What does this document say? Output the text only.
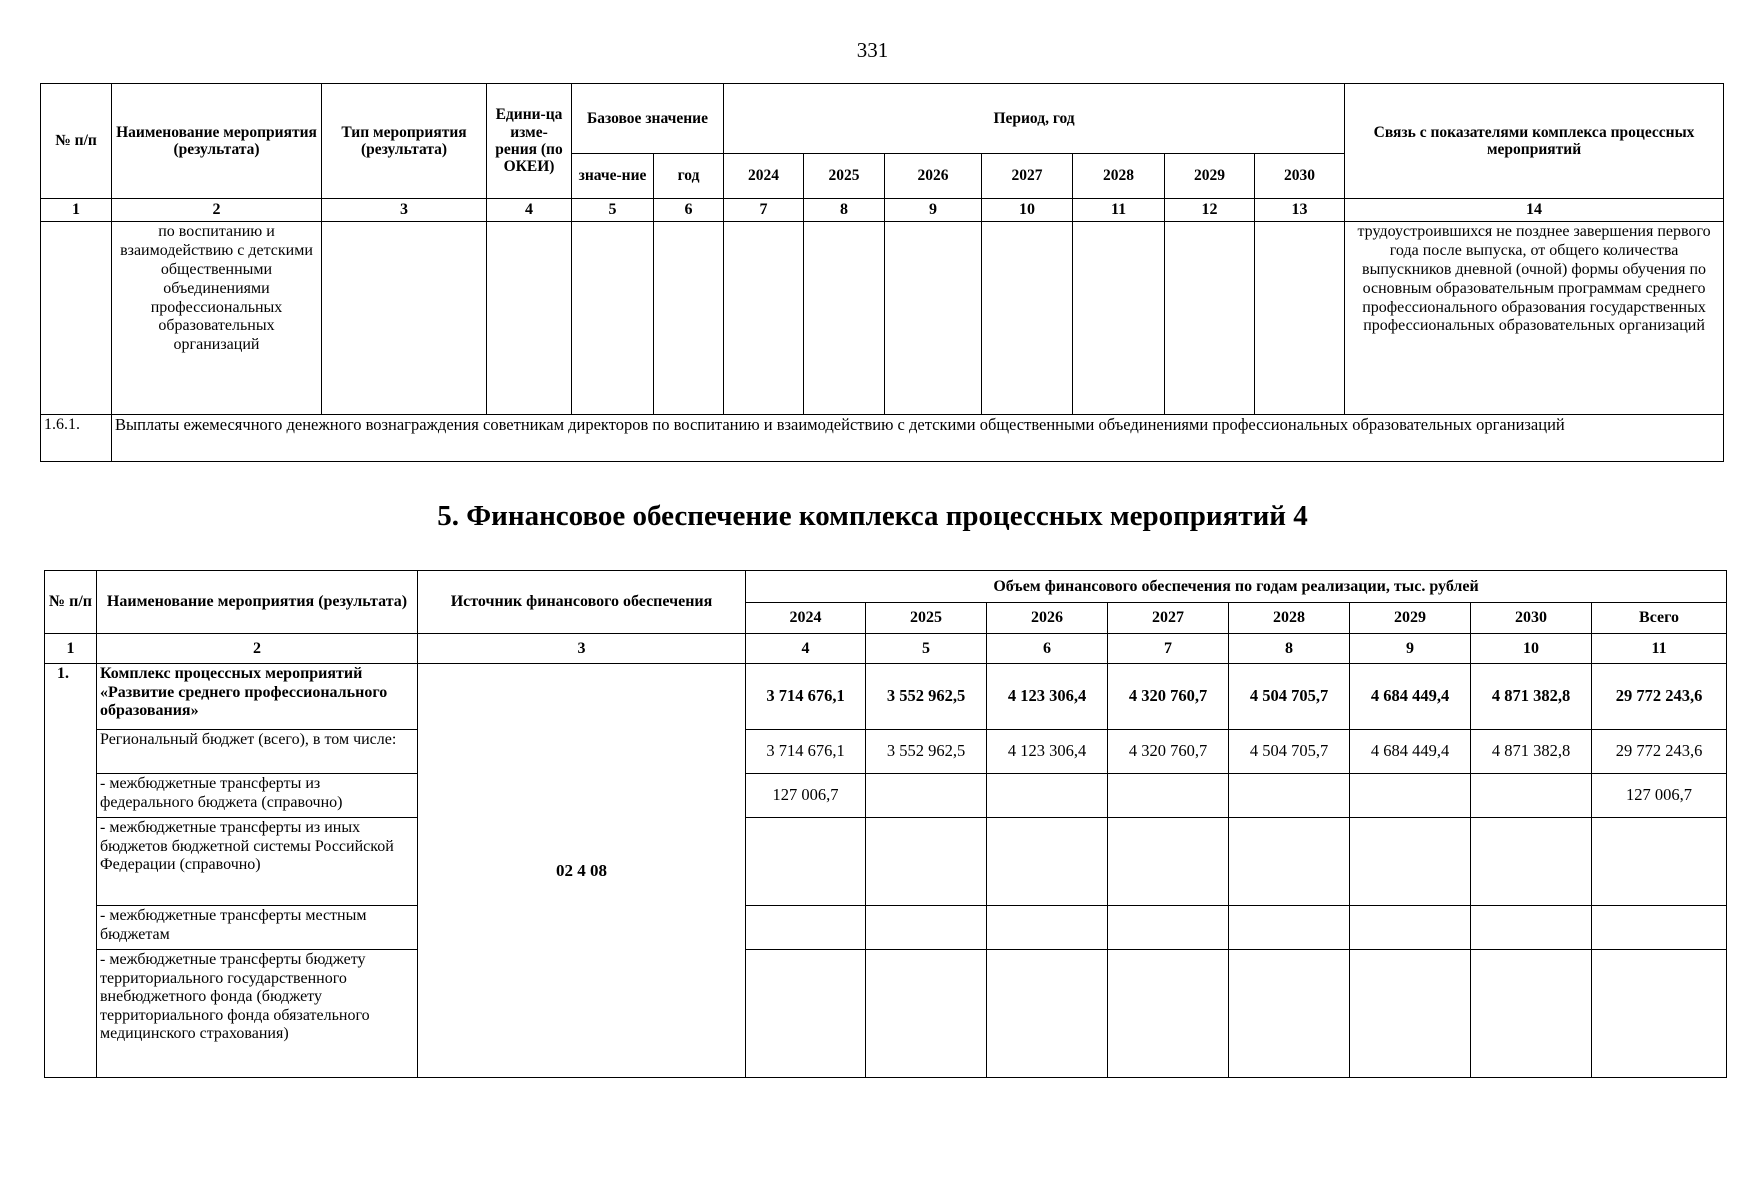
331
№ п/п	Наименование мероприятия (результата)	Тип мероприятия (результата)	Едини-ца изме-рения (по ОКЕИ)	Базовое значение		Период, год							Связь с показателями комплекса процессных мероприятий
				значе-ние	год	2024	2025	2026	2027	2028	2029	2030	
1	2	3	4	5	6	7	8	9	10	11	12	13	14
	по воспитанию и взаимодействию с детскими общественными объединениями профессиональных образовательных организаций												трудоустроившихся не позднее завершения первого года после выпуска, от общего количества выпускников дневной (очной) формы обучения по основным образовательным программам среднего профессионального образования государственных профессиональных образовательных организаций
1.6.1.	Выплаты ежемесячного денежного вознаграждения советникам директоров по воспитанию и взаимодействию с детскими общественными объединениями профессиональных образовательных организаций												
5. Финансовое обеспечение комплекса процессных мероприятий 4
№ п/п	Наименование мероприятия (результата)	Источник финансового обеспечения	Объем финансового обеспечения по годам реализации, тыс. рублей							
			2024	2025	2026	2027	2028	2029	2030	Всего
1	2	3	4	5	6	7	8	9	10	11
1.	Комплекс процессных мероприятий «Развитие среднего профессионального образования»	02 4 08	3 714 676,1	3 552 962,5	4 123 306,4	4 320 760,7	4 504 705,7	4 684 449,4	4 871 382,8	29 772 243,6
	Региональный бюджет (всего), в том числе:		3 714 676,1	3 552 962,5	4 123 306,4	4 320 760,7	4 504 705,7	4 684 449,4	4 871 382,8	29 772 243,6
	- межбюджетные трансферты из федерального бюджета (справочно)		127 006,7							127 006,7
	- межбюджетные трансферты из иных бюджетов бюджетной системы Российской Федерации (справочно)									
	- межбюджетные трансферты местным бюджетам									
	- межбюджетные трансферты бюджету территориального государственного внебюджетного фонда (бюджету территориального фонда обязательного медицинского страхования)									
